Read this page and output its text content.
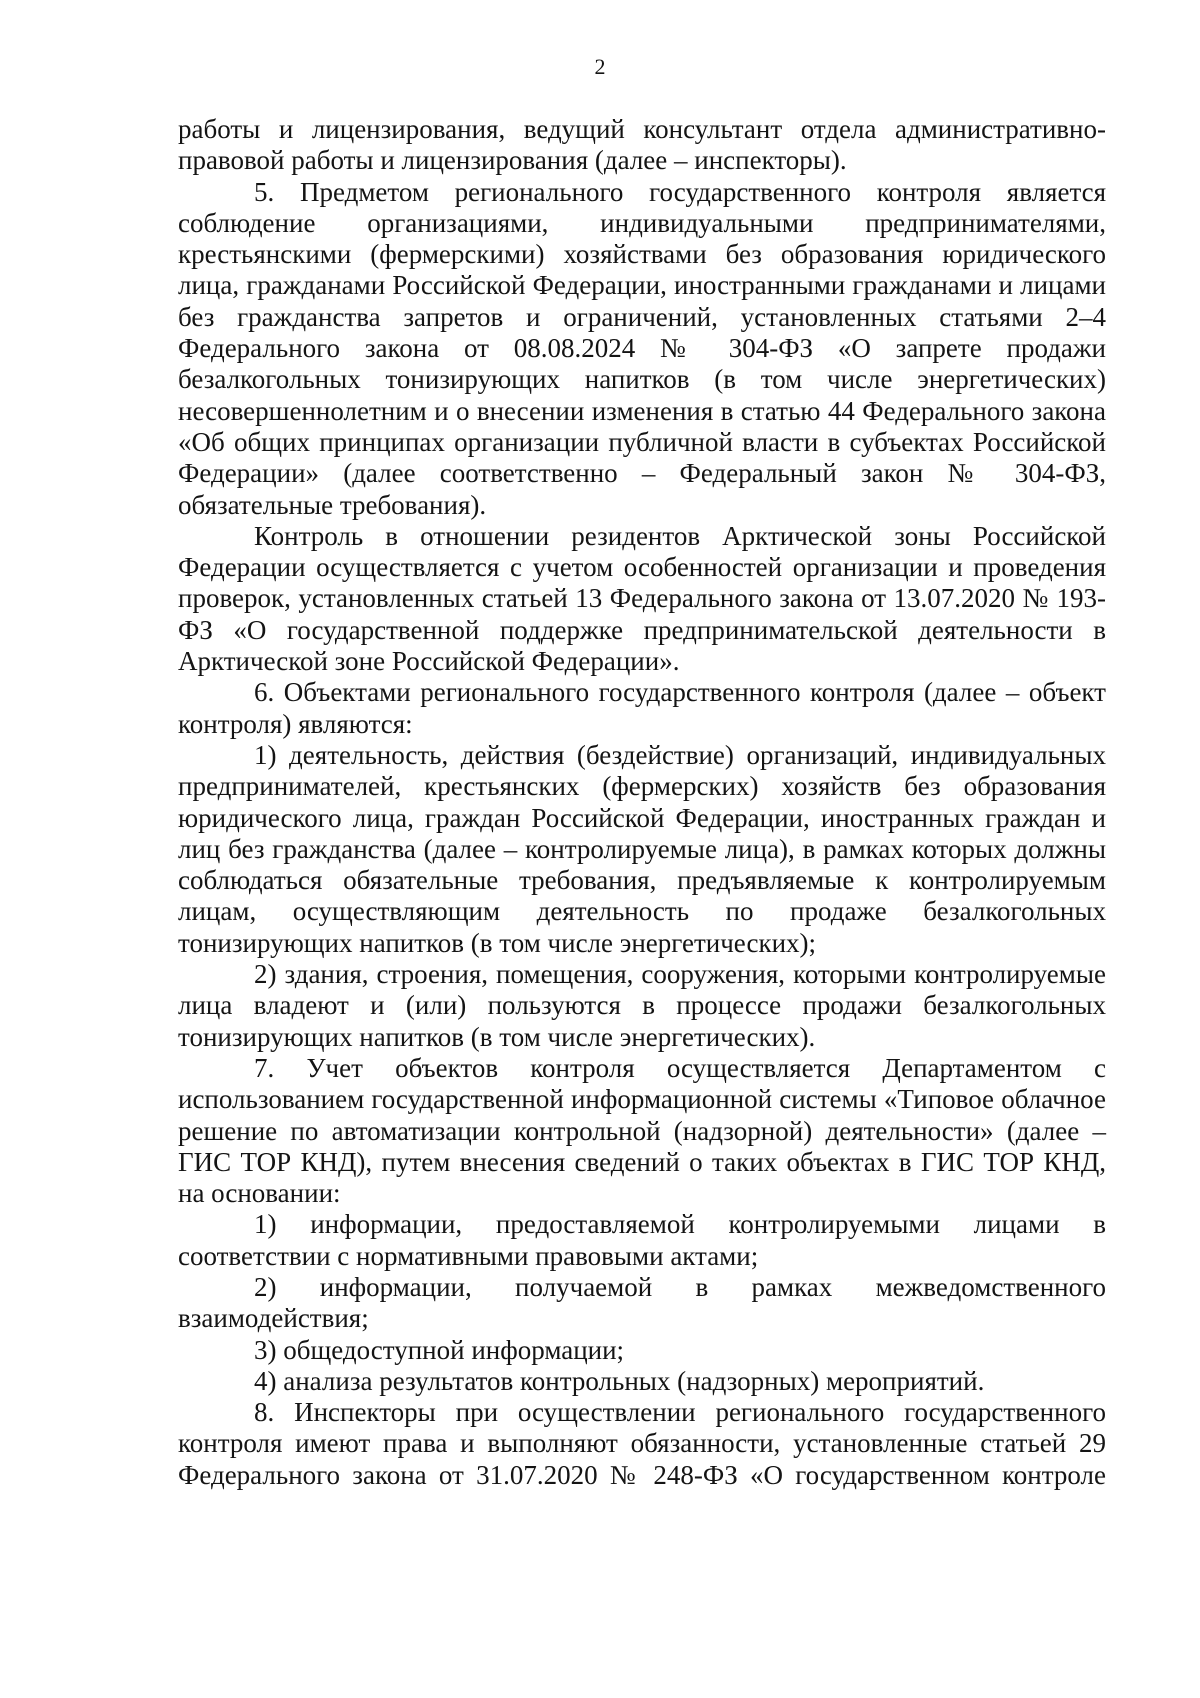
2

работы и лицензирования, ведущий консультант отдела административно-правовой работы и лицензирования (далее – инспекторы).

5. Предметом регионального государственного контроля является соблюдение организациями, индивидуальными предпринимателями, крестьянскими (фермерскими) хозяйствами без образования юридического лица, гражданами Российской Федерации, иностранными гражданами и лицами без гражданства запретов и ограничений, установленных статьями 2–4 Федерального закона от 08.08.2024 № 304-ФЗ «О запрете продажи безалкогольных тонизирующих напитков (в том числе энергетических) несовершеннолетним и о внесении изменения в статью 44 Федерального закона «Об общих принципах организации публичной власти в субъектах Российской Федерации» (далее соответственно – Федеральный закон № 304-ФЗ, обязательные требования).

Контроль в отношении резидентов Арктической зоны Российской Федерации осуществляется с учетом особенностей организации и проведения проверок, установленных статьей 13 Федерального закона от 13.07.2020 № 193-ФЗ «О государственной поддержке предпринимательской деятельности в Арктической зоне Российской Федерации».

6. Объектами регионального государственного контроля (далее – объект контроля) являются:

1) деятельность, действия (бездействие) организаций, индивидуальных предпринимателей, крестьянских (фермерских) хозяйств без образования юридического лица, граждан Российской Федерации, иностранных граждан и лиц без гражданства (далее – контролируемые лица), в рамках которых должны соблюдаться обязательные требования, предъявляемые к контролируемым лицам, осуществляющим деятельность по продаже безалкогольных тонизирующих напитков (в том числе энергетических);

2) здания, строения, помещения, сооружения, которыми контролируемые лица владеют и (или) пользуются в процессе продажи безалкогольных тонизирующих напитков (в том числе энергетических).

7. Учет объектов контроля осуществляется Департаментом с использованием государственной информационной системы «Типовое облачное решение по автоматизации контрольной (надзорной) деятельности» (далее – ГИС ТОР КНД), путем внесения сведений о таких объектах в ГИС ТОР КНД, на основании:

1) информации, предоставляемой контролируемыми лицами в соответствии с нормативными правовыми актами;

2) информации, получаемой в рамках межведомственного взаимодействия;

3) общедоступной информации;

4) анализа результатов контрольных (надзорных) мероприятий.

8. Инспекторы при осуществлении регионального государственного контроля имеют права и выполняют обязанности, установленные статьей 29 Федерального закона от 31.07.2020 № 248-ФЗ «О государственном контроле
